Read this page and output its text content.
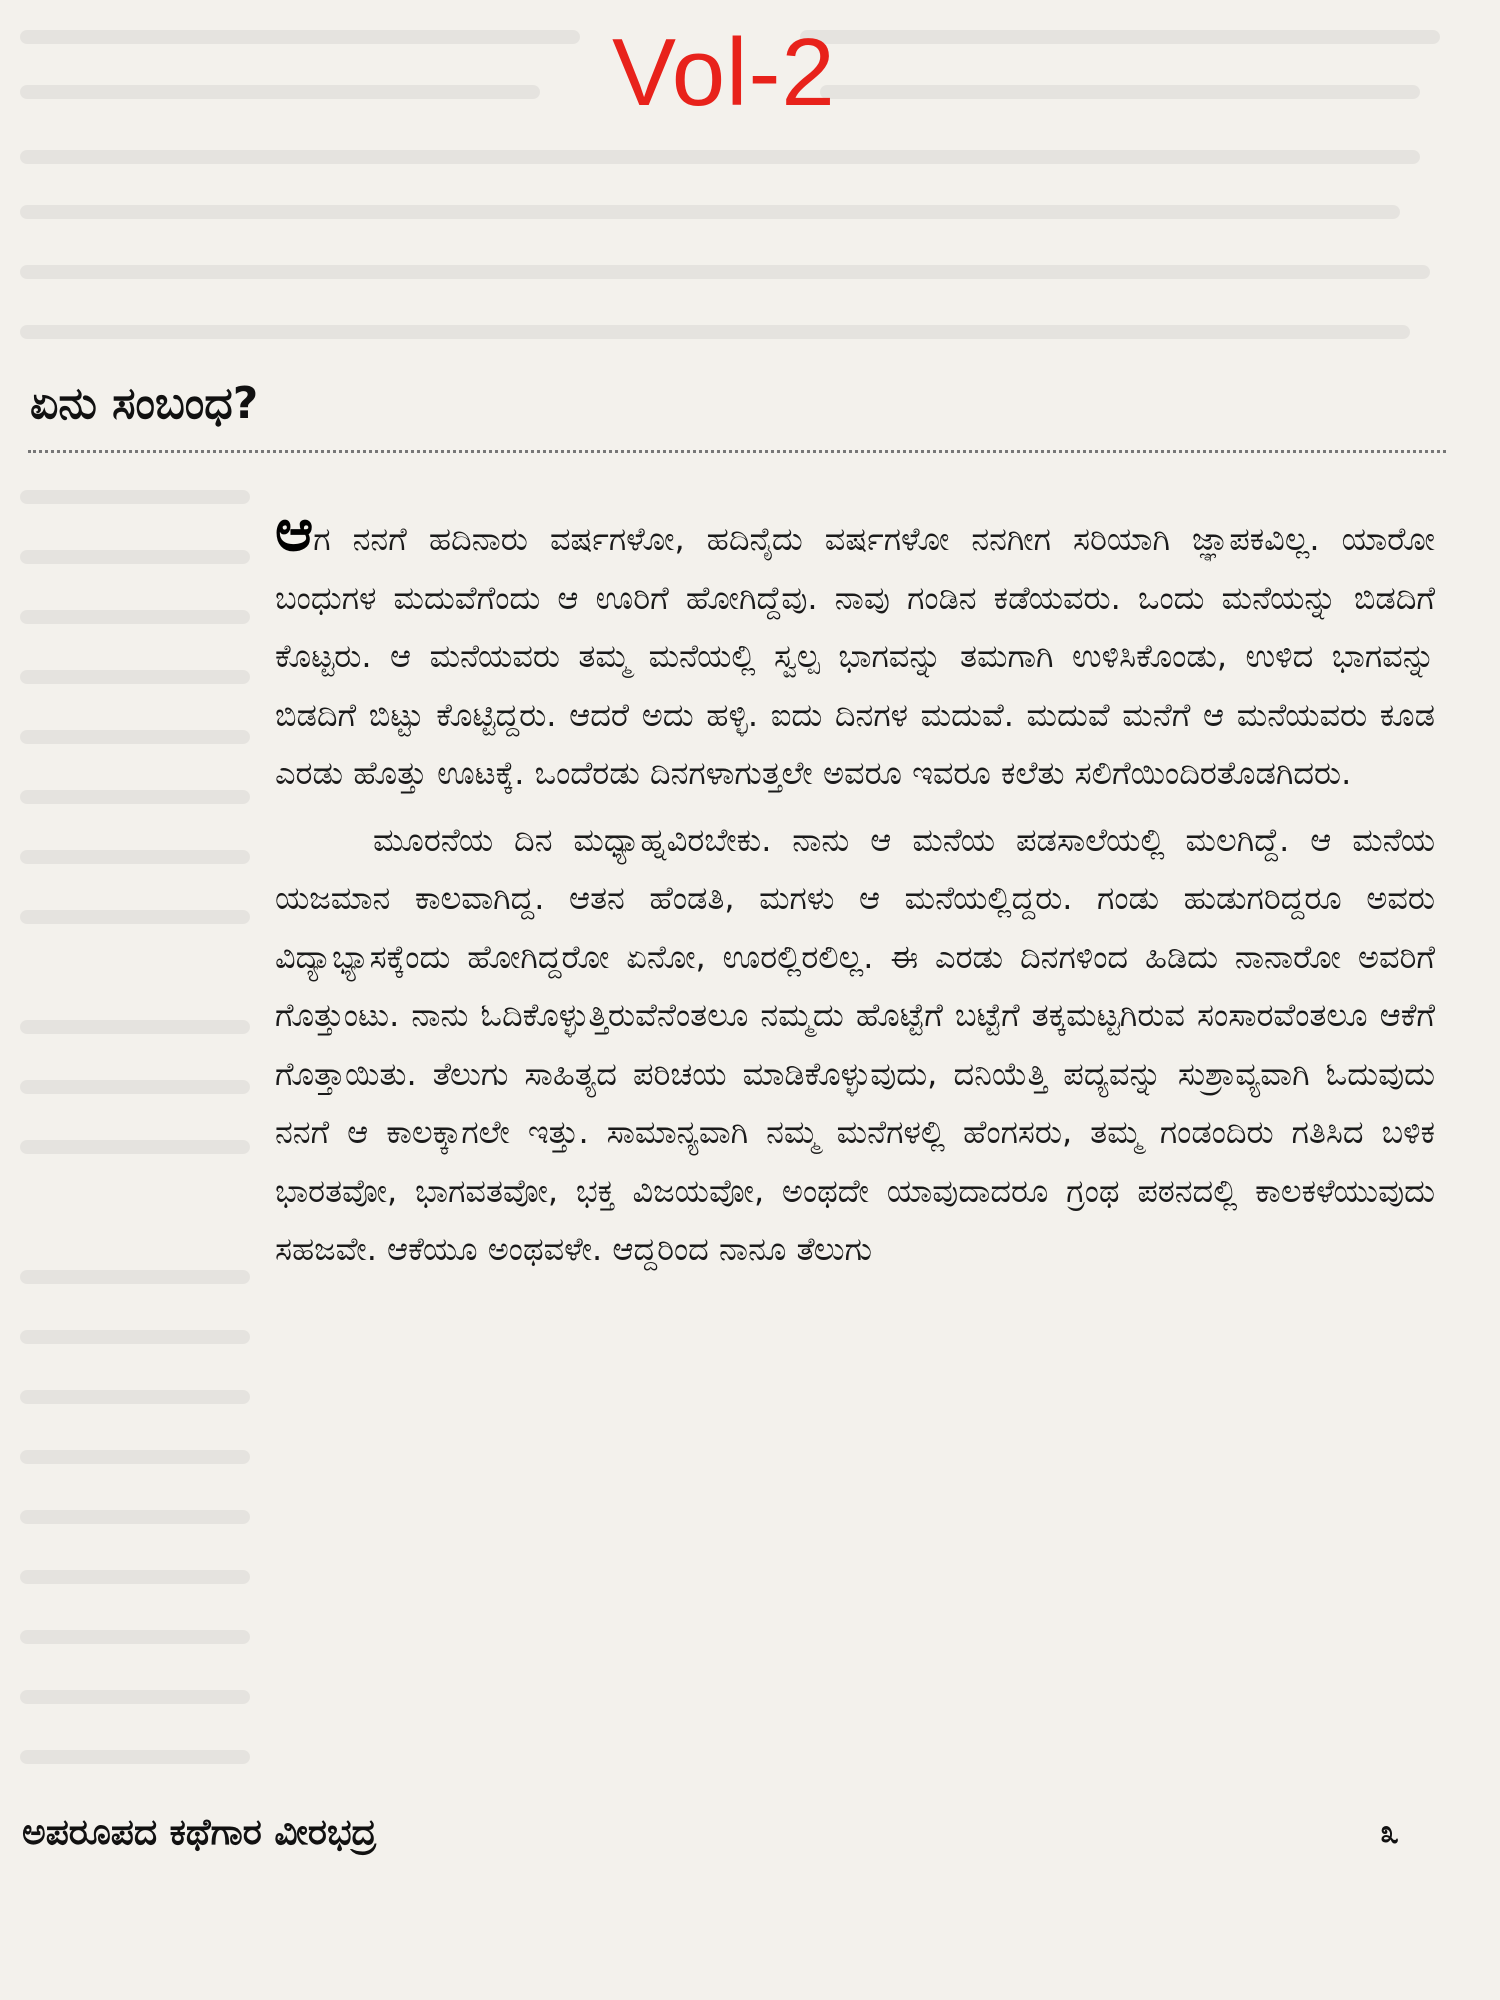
Vol-2
ಏನು ಸಂಬಂಧ?

ಆಗ ನನಗೆ ಹದಿನಾರು ವರ್ಷಗಳೋ, ಹದಿನೈದು ವರ್ಷಗಳೋ ನನಗೀಗ ಸರಿಯಾಗಿ ಜ್ಞಾಪಕವಿಲ್ಲ. ಯಾರೋ ಬಂಧುಗಳ ಮದುವೆಗೆಂದು ಆ ಊರಿಗೆ ಹೋಗಿದ್ದೆವು. ನಾವು ಗಂಡಿನ ಕಡೆಯವರು. ಒಂದು ಮನೆಯನ್ನು ಬಿಡದಿಗೆ ಕೊಟ್ಟರು. ಆ ಮನೆಯವರು ತಮ್ಮ ಮನೆಯಲ್ಲಿ ಸ್ವಲ್ಪ ಭಾಗವನ್ನು ತಮಗಾಗಿ ಉಳಿಸಿಕೊಂಡು, ಉಳಿದ ಭಾಗವನ್ನು ಬಿಡದಿಗೆ ಬಿಟ್ಟು ಕೊಟ್ಟಿದ್ದರು. ಆದರೆ ಅದು ಹಳ್ಳಿ. ಐದು ದಿನಗಳ ಮದುವೆ. ಮದುವೆ ಮನೆಗೆ ಆ ಮನೆಯವರು ಕೂಡ ಎರಡು ಹೊತ್ತು ಊಟಕ್ಕೆ. ಒಂದೆರಡು ದಿನಗಳಾಗುತ್ತಲೇ ಅವರೂ ಇವರೂ ಕಲೆತು ಸಲಿಗೆಯಿಂದಿರತೊಡಗಿದರು.

ಮೂರನೆಯ ದಿನ ಮಧ್ಯಾಹ್ನವಿರಬೇಕು. ನಾನು ಆ ಮನೆಯ ಪಡಸಾಲೆಯಲ್ಲಿ ಮಲಗಿದ್ದೆ. ಆ ಮನೆಯ ಯಜಮಾನ ಕಾಲವಾಗಿದ್ದ. ಆತನ ಹೆಂಡತಿ, ಮಗಳು ಆ ಮನೆಯಲ್ಲಿದ್ದರು. ಗಂಡು ಹುಡುಗರಿದ್ದರೂ ಅವರು ವಿದ್ಯಾಭ್ಯಾಸಕ್ಕೆಂದು ಹೋಗಿದ್ದರೋ ಏನೋ, ಊರಲ್ಲಿರಲಿಲ್ಲ. ಈ ಎರಡು ದಿನಗಳಿಂದ ಹಿಡಿದು ನಾನಾರೋ ಅವರಿಗೆ ಗೊತ್ತುಂಟು. ನಾನು ಓದಿಕೊಳ್ಳುತ್ತಿರುವೆನೆಂತಲೂ ನಮ್ಮದು ಹೊಟ್ಟೆಗೆ ಬಟ್ಟೆಗೆ ತಕ್ಕಮಟ್ಟಗಿರುವ ಸಂಸಾರವೆಂತಲೂ ಆಕೆಗೆ ಗೊತ್ತಾಯಿತು. ತೆಲುಗು ಸಾಹಿತ್ಯದ ಪರಿಚಯ ಮಾಡಿಕೊಳ್ಳುವುದು, ದನಿಯೆತ್ತಿ ಪದ್ಯವನ್ನು ಸುಶ್ರಾವ್ಯವಾಗಿ ಓದುವುದು ನನಗೆ ಆ ಕಾಲಕ್ಕಾಗಲೇ ಇತ್ತು. ಸಾಮಾನ್ಯವಾಗಿ ನಮ್ಮ ಮನೆಗಳಲ್ಲಿ ಹೆಂಗಸರು, ತಮ್ಮ ಗಂಡಂದಿರು ಗತಿಸಿದ ಬಳಿಕ ಭಾರತವೋ, ಭಾಗವತವೋ, ಭಕ್ತ ವಿಜಯವೋ, ಅಂಥದೇ ಯಾವುದಾದರೂ ಗ್ರಂಥ ಪಠನದಲ್ಲಿ ಕಾಲಕಳೆಯುವುದು ಸಹಜವೇ. ಆಕೆಯೂ ಅಂಥವಳೇ. ಆದ್ದರಿಂದ ನಾನೂ ತೆಲುಗು

ಅಪರೂಪದ ಕಥೆಗಾರ ವೀರಭದ್ರ	೩
